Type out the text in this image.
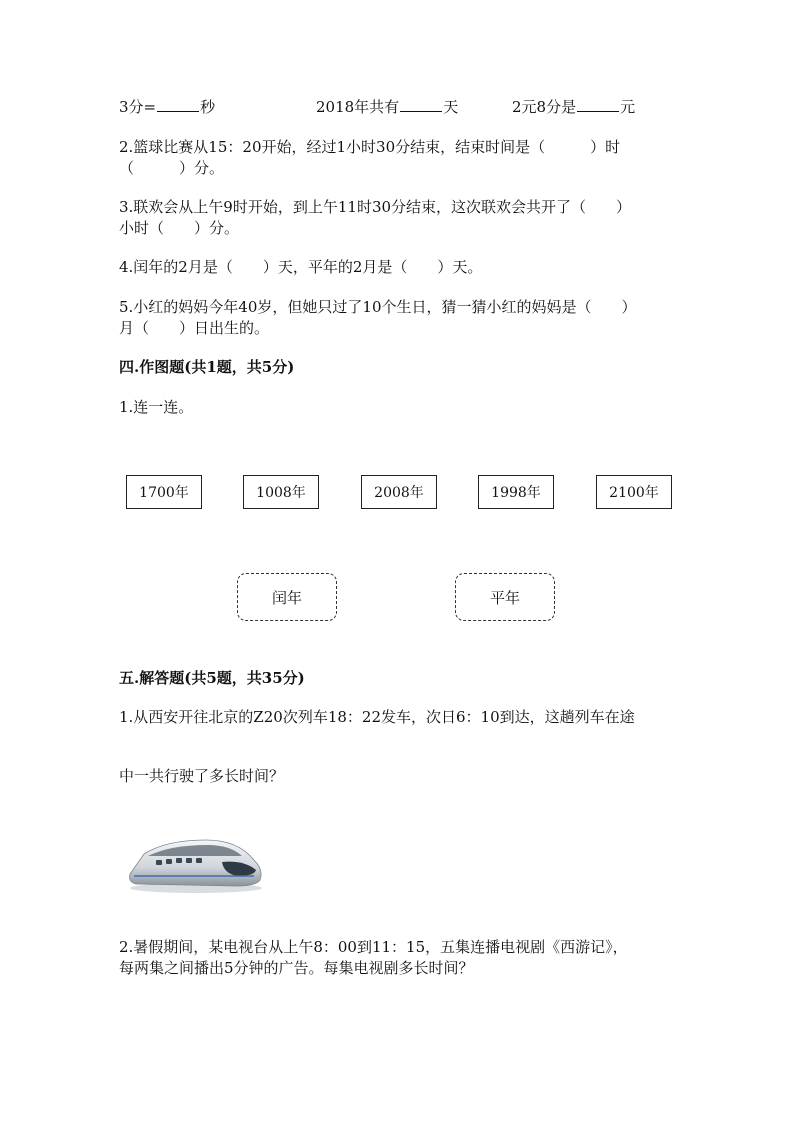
3分=	秒	2018年共有	天	2元8分是	元
2.篮球比赛从15：20开始，经过1小时30分结束，结束时间是（　　　）时
（　　　）分。
3.联欢会从上午9时开始，到上午11时30分结束，这次联欢会共开了（　　）
小时（　　）分。
4.闰年的2月是（　　）天，平年的2月是（　　）天。
5.小红的妈妈今年40岁，但她只过了10个生日，猜一猜小红的妈妈是（　　）
月（　　）日出生的。
四.作图题(共1题，共5分)
1.连一连。
1700年	1008年	2008年	1998年	2100年
闰年	平年
五.解答题(共5题，共35分)
1.从西安开往北京的Z20次列车18：22发车，次日6：10到达，这趟列车在途
中一共行驶了多长时间？
2.暑假期间，某电视台从上午8：00到11：15，五集连播电视剧《西游记》，
每两集之间播出5分钟的广告。每集电视剧多长时间？
